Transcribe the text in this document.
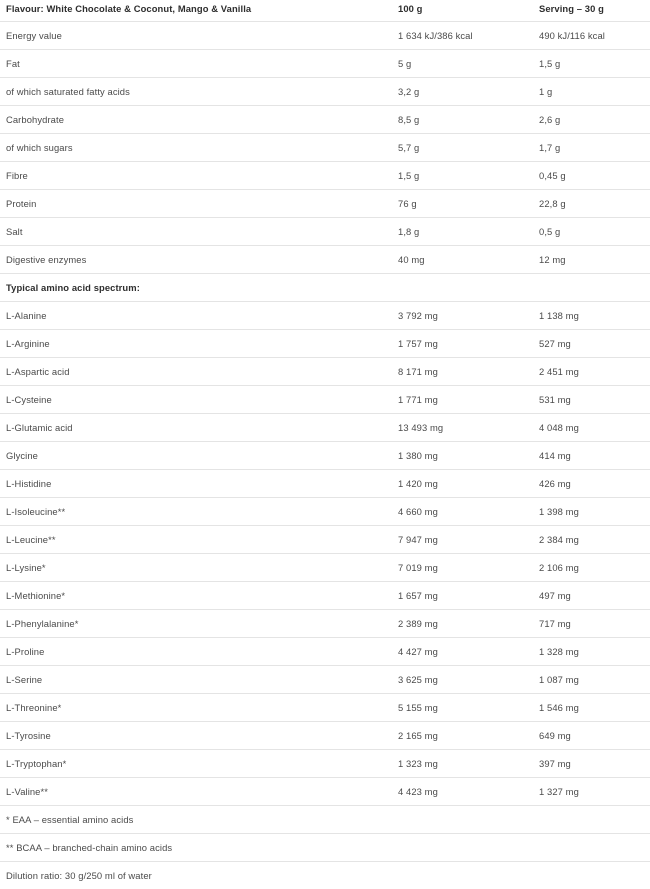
Flavour: White Chocolate & Coconut, Mango & Vanilla	100 g	Serving – 30 g
Energy value	1 634 kJ/386 kcal	490 kJ/116 kcal
Fat	5 g	1,5 g
of which saturated fatty acids	3,2 g	1 g
Carbohydrate	8,5 g	2,6 g
of which sugars	5,7 g	1,7 g
Fibre	1,5 g	0,45 g
Protein	76 g	22,8 g
Salt	1,8 g	0,5 g
Digestive enzymes	40 mg	12 mg
Typical amino acid spectrum:		
L-Alanine	3 792 mg	1 138 mg
L-Arginine	1 757 mg	527 mg
L-Aspartic acid	8 171 mg	2 451 mg
L-Cysteine	1 771 mg	531 mg
L-Glutamic acid	13 493 mg	4 048 mg
Glycine	1 380 mg	414 mg
L-Histidine	1 420 mg	426 mg
L-Isoleucine**	4 660 mg	1 398 mg
L-Leucine**	7 947 mg	2 384 mg
L-Lysine*	7 019 mg	2 106 mg
L-Methionine*	1 657 mg	497 mg
L-Phenylalanine*	2 389 mg	717 mg
L-Proline	4 427 mg	1 328 mg
L-Serine	3 625 mg	1 087 mg
L-Threonine*	5 155 mg	1 546 mg
L-Tyrosine	2 165 mg	649 mg
L-Tryptophan*	1 323 mg	397 mg
L-Valine**	4 423 mg	1 327 mg
* EAA – essential amino acids		
** BCAA – branched-chain amino acids		
Dilution ratio: 30 g/250 ml of water		
